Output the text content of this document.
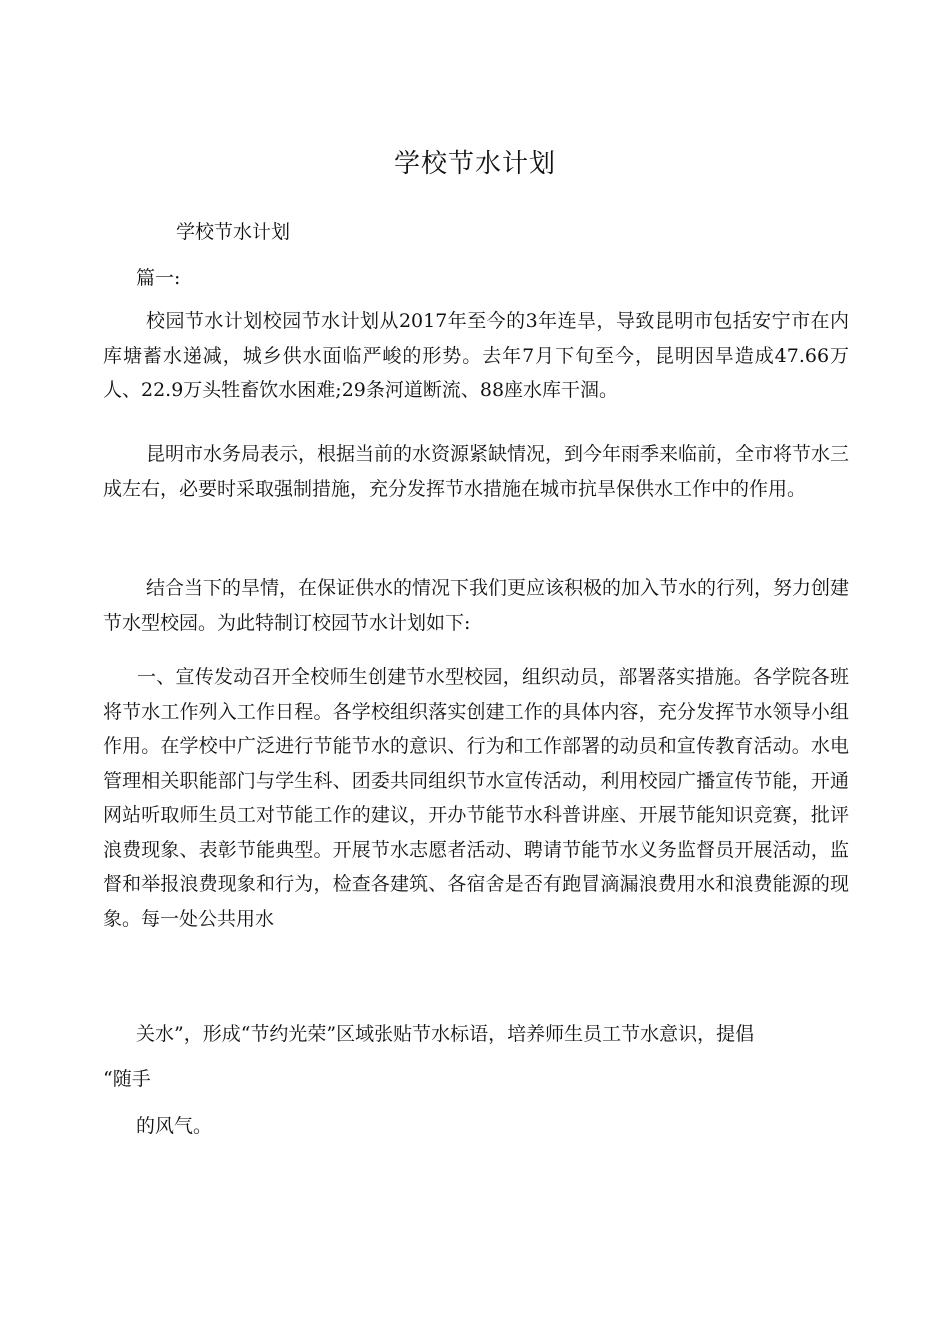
学校节水计划
学校节水计划
篇一:

校园节水计划校园节水计划从2017年至今的3年连旱，导致昆明市包括安宁市在内库塘蓄水递减，城乡供水面临严峻的形势。去年7月下旬至今，昆明因旱造成47.66万人、22.9万头牲畜饮水困难;29条河道断流、88座水库干涸。

昆明市水务局表示，根据当前的水资源紧缺情况，到今年雨季来临前，全市将节水三成左右，必要时采取强制措施，充分发挥节水措施在城市抗旱保供水工作中的作用。

结合当下的旱情，在保证供水的情况下我们更应该积极的加入节水的行列，努力创建节水型校园。为此特制订校园节水计划如下:

一、宣传发动召开全校师生创建节水型校园，组织动员，部署落实措施。各学院各班将节水工作列入工作日程。各学校组织落实创建工作的具体内容，充分发挥节水领导小组作用。在学校中广泛进行节能节水的意识、行为和工作部署的动员和宣传教育活动。水电管理相关职能部门与学生科、团委共同组织节水宣传活动，利用校园广播宣传节能，开通网站听取师生员工对节能工作的建议，开办节能节水科普讲座、开展节能知识竞赛，批评浪费现象、表彰节能典型。开展节水志愿者活动、聘请节能节水义务监督员开展活动，监督和举报浪费现象和行为，检查各建筑、各宿舍是否有跑冒滴漏浪费用水和浪费能源的现象。每一处公共用水

关水”，形成“节约光荣”区域张贴节水标语，培养师生员工节水意识，提倡
“随手
的风气。
